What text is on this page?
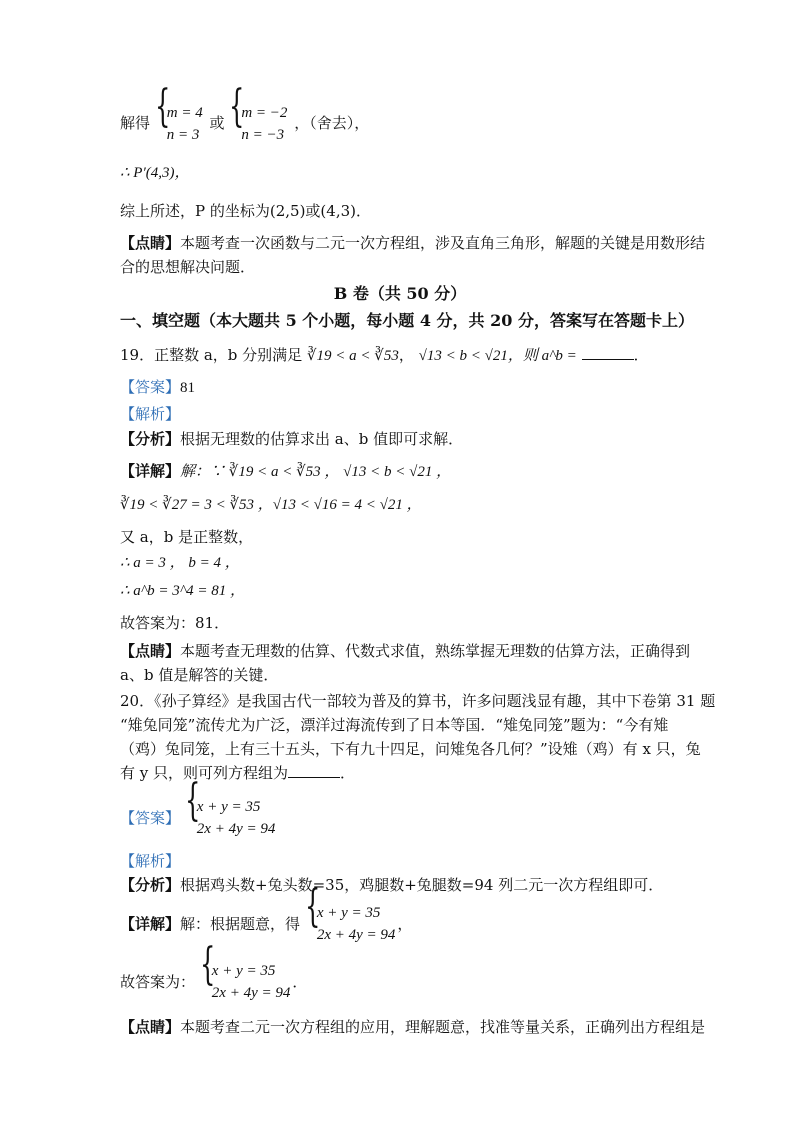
解得
{ m = 4
n = 3
或
{ m = −2
n = −3
，（舍去），
∴ P′(4,3)，
综上所述，P 的坐标为(2,5)或(4,3)．
【点睛】本题考查一次函数与二元一次方程组，涉及直角三角形，解题的关键是用数形结
合的思想解决问题．
B 卷（共 50 分）
一、填空题（本大题共 5 个小题，每小题 4 分，共 20 分，答案写在答题卡上）
19．正整数 a，b 分别满足 ∛19 < a < ∛53， √13 < b < √21，则 a^b =	．
【答案】81
【解析】
【分析】根据无理数的估算求出 a、b 值即可求解．
【详解】解：∵ ∛19 < a < ∛53 ， √13 < b < √21 ，
∛19 < ∛27 = 3 < ∛53 ，√13 < √16 = 4 < √21 ，
又 a，b 是正整数，
∴ a = 3 ， b = 4 ，
∴ a^b = 3^4 = 81 ，
故答案为：81．
【点睛】本题考查无理数的估算、代数式求值，熟练掌握无理数的估算方法，正确得到
a、b 值是解答的关键．
20．《孙子算经》是我国古代一部较为普及的算书，许多问题浅显有趣，其中下卷第 31 题
“雉兔同笼”流传尤为广泛，漂洋过海流传到了日本等国．“雉兔同笼”题为：“今有雉
（鸡）兔同笼，上有三十五头，下有九十四足，问雉兔各几何？”设雉（鸡）有 x 只，兔
有 y 只，则可列方程组为	．
【答案】
{ x + y = 35
2x + 4y = 94
【解析】
【分析】根据鸡头数+兔头数=35，鸡腿数+兔腿数=94 列二元一次方程组即可．
【详解】解：根据题意，得
{ x + y = 35
2x + 4y = 94
，
故答案为：
{ x + y = 35
2x + 4y = 94
．
【点睛】本题考查二元一次方程组的应用，理解题意，找准等量关系，正确列出方程组是
